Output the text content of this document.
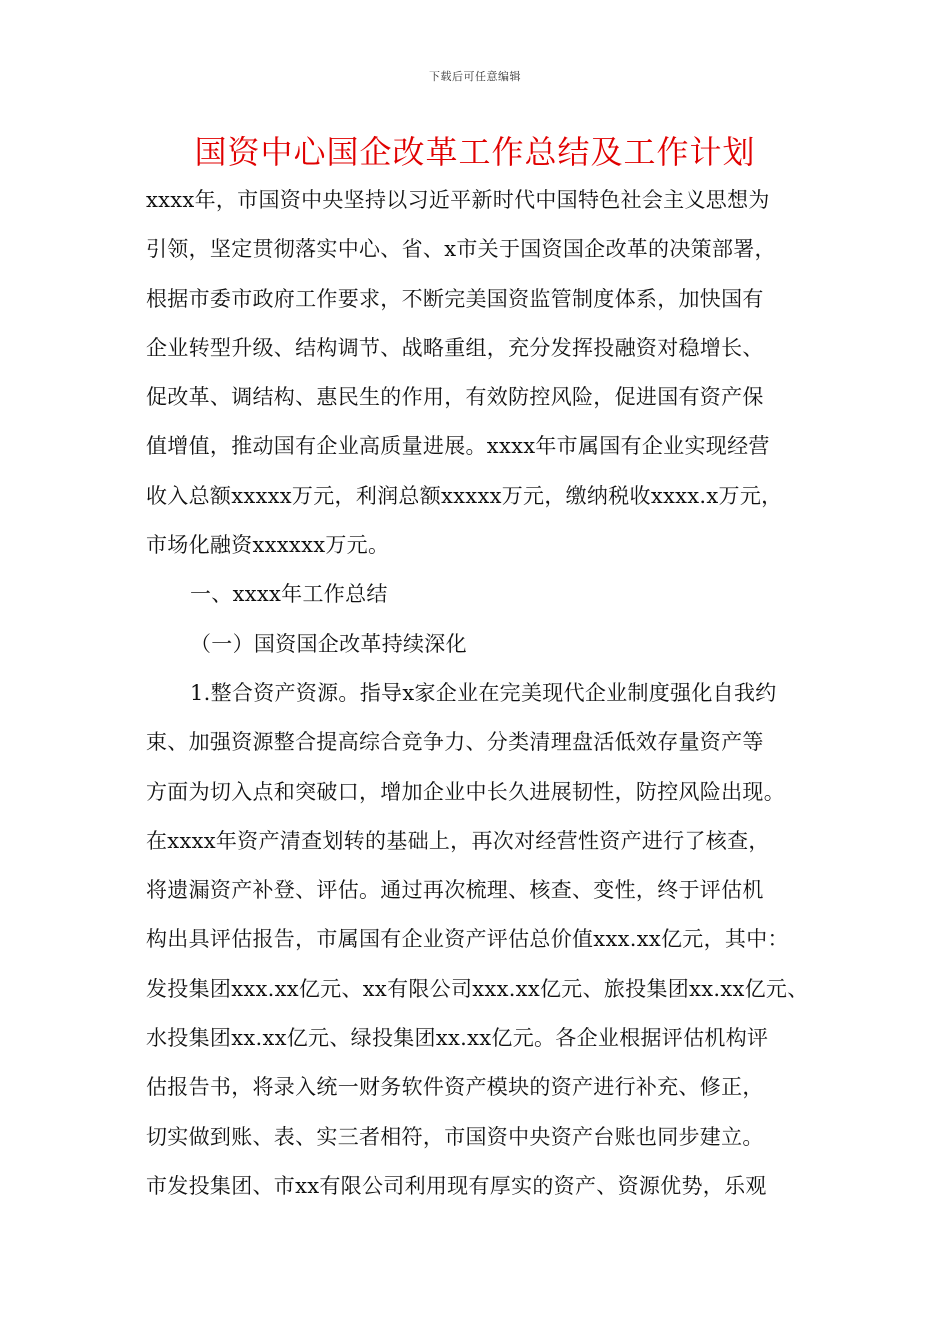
下载后可任意编辑
国资中心国企改革工作总结及工作计划
xxxx年，市国资中央坚持以习近平新时代中国特色社会主义思想为
引领，坚定贯彻落实中心、省、x市关于国资国企改革的决策部署，
根据市委市政府工作要求，不断完美国资监管制度体系，加快国有
企业转型升级、结构调节、战略重组，充分发挥投融资对稳增长、
促改革、调结构、惠民生的作用，有效防控风险，促进国有资产保
值增值，推动国有企业高质量进展。xxxx年市属国有企业实现经营
收入总额xxxxx万元，利润总额xxxxx万元，缴纳税收xxxx.x万元，
市场化融资xxxxxx万元。
一、xxxx年工作总结
（一）国资国企改革持续深化
1.整合资产资源。指导x家企业在完美现代企业制度强化自我约
束、加强资源整合提高综合竞争力、分类清理盘活低效存量资产等
方面为切入点和突破口，增加企业中长久进展韧性，防控风险出现。
在xxxx年资产清查划转的基础上，再次对经营性资产进行了核查，
将遗漏资产补登、评估。通过再次梳理、核查、变性，终于评估机
构出具评估报告，市属国有企业资产评估总价值xxx.xx亿元，其中：
发投集团xxx.xx亿元、xx有限公司xxx.xx亿元、旅投集团xx.xx亿元、
水投集团xx.xx亿元、绿投集团xx.xx亿元。各企业根据评估机构评
估报告书，将录入统一财务软件资产模块的资产进行补充、修正，
切实做到账、表、实三者相符，市国资中央资产台账也同步建立。
市发投集团、市xx有限公司利用现有厚实的资产、资源优势，乐观
